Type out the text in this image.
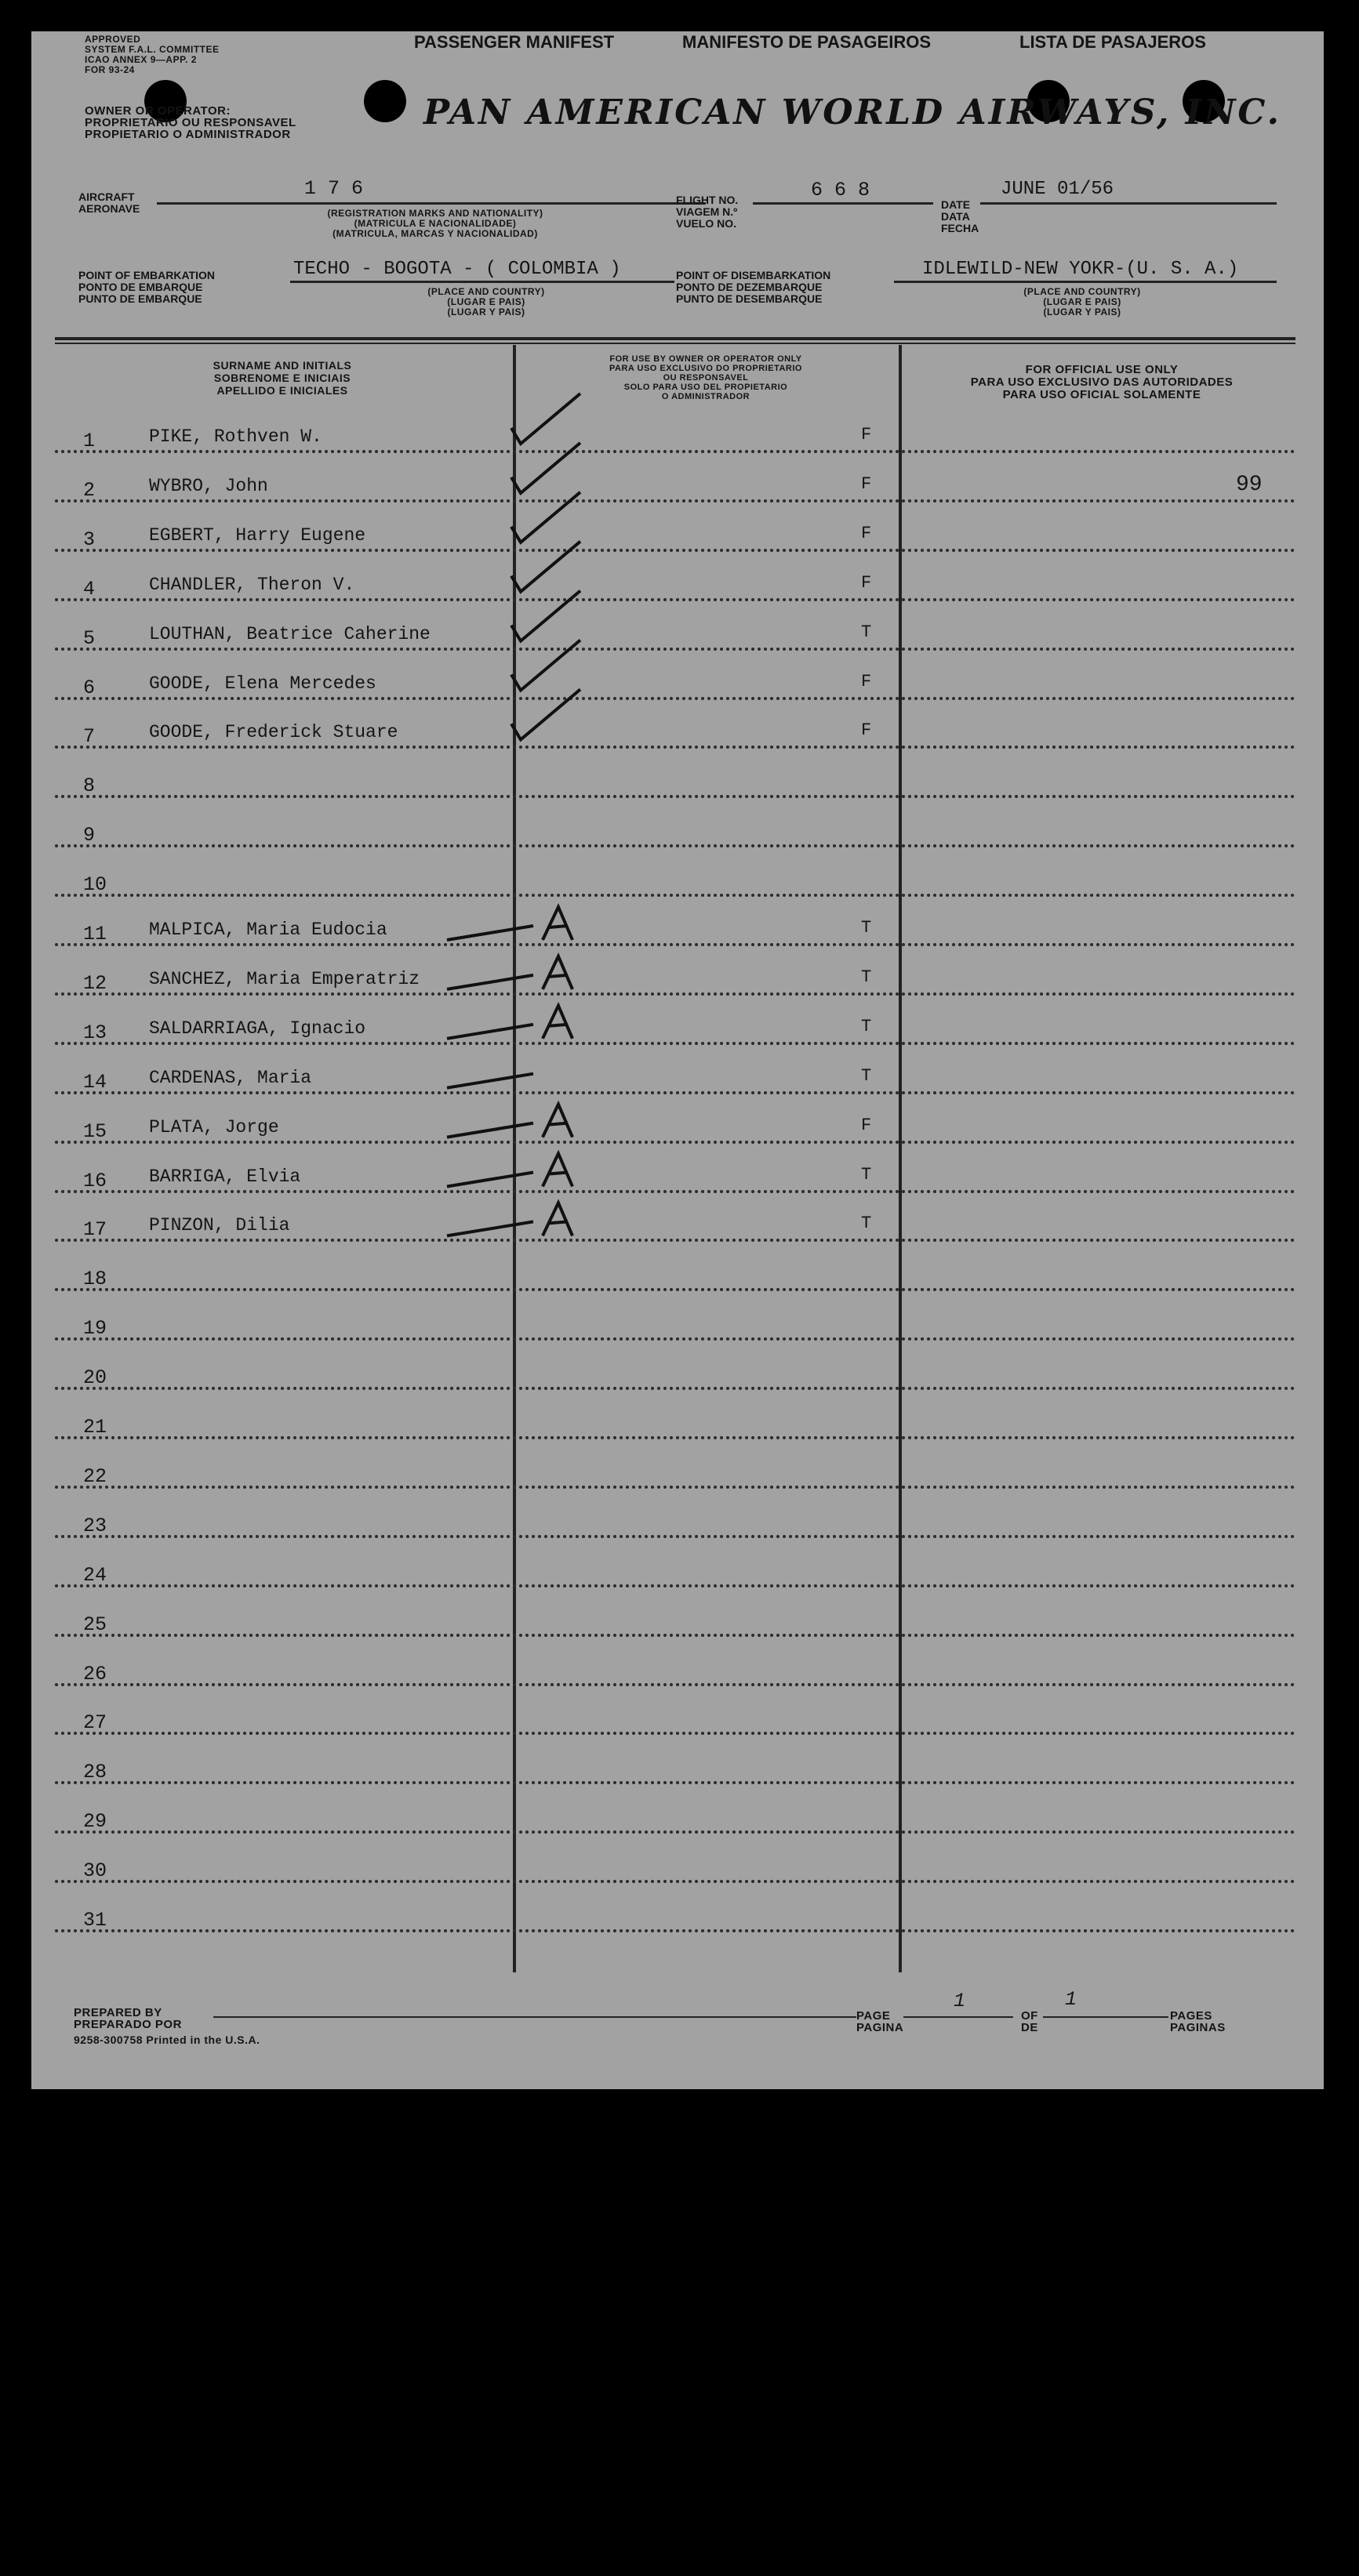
APPROVED
SYSTEM F.A.L. COMMITTEE
ICAO ANNEX 9—APP. 2
FOR 93-24
PASSENGER MANIFEST	MANIFESTO DE PASAGEIROS	LISTA DE PASAJEROS
OWNER OR OPERATOR:
PROPRIETARIO OU RESPONSAVEL
PROPIETARIO O ADMINISTRADOR
PAN AMERICAN WORLD AIRWAYS, INC.
AIRCRAFT
AERONAVE
1 7 6
(REGISTRATION MARKS AND NATIONALITY)
(MATRICULA E NACIONALIDADE)
(MATRICULA, MARCAS Y NACIONALIDAD)
FLIGHT NO.
VIAGEM N.º
VUELO NO.
6 6 8
DATE
DATA
FECHA
JUNE 01/56
POINT OF EMBARKATION
PONTO DE EMBARQUE
PUNTO DE EMBARQUE
TECHO - BOGOTA - ( COLOMBIA )
(PLACE AND COUNTRY)
(LUGAR E PAIS)
(LUGAR Y PAIS)
POINT OF DISEMBARKATION
PONTO DE DEZEMBARQUE
PUNTO DE DESEMBARQUE
IDLEWILD-NEW YOKR-(U. S. A.)
(PLACE AND COUNTRY)
(LUGAR E PAIS)
(LUGAR Y PAIS)
SURNAME AND INITIALS
SOBRENOME E INICIAIS
APELLIDO E INICIALES
FOR USE BY OWNER OR OPERATOR ONLY
PARA USO EXCLUSIVO DO PROPRIETARIO
OU RESPONSAVEL
SOLO PARA USO DEL PROPIETARIO
O ADMINISTRADOR
FOR OFFICIAL USE ONLY
PARA USO EXCLUSIVO DAS AUTORIDADES
PARA USO OFICIAL SOLAMENTE
1	PIKE, Rothven W.	F
2	WYBRO, John	F	99
3	EGBERT, Harry Eugene	F
4	CHANDLER, Theron V.	F
5	LOUTHAN, Beatrice Caherine	T
6	GOODE, Elena Mercedes	F
7	GOODE, Frederick Stuare	F
8
9
10
11 MALPICA, Maria Eudocia	T
12 SANCHEZ, Maria Emperatriz	T
13 SALDARRIAGA, Ignacio	T
14 CARDENAS, Maria	T
15 PLATA, Jorge	F
16 BARRIGA, Elvia	T
17 PINZON, Dilia	T
18
19
20
21
22
23
24
25
26
27
28
29
30
31
PREPARED BY
PREPARADO POR
9258-300758 Printed in the U.S.A.
PAGE
PAGINA
1
OF
DE
1
PAGES
PAGINAS
